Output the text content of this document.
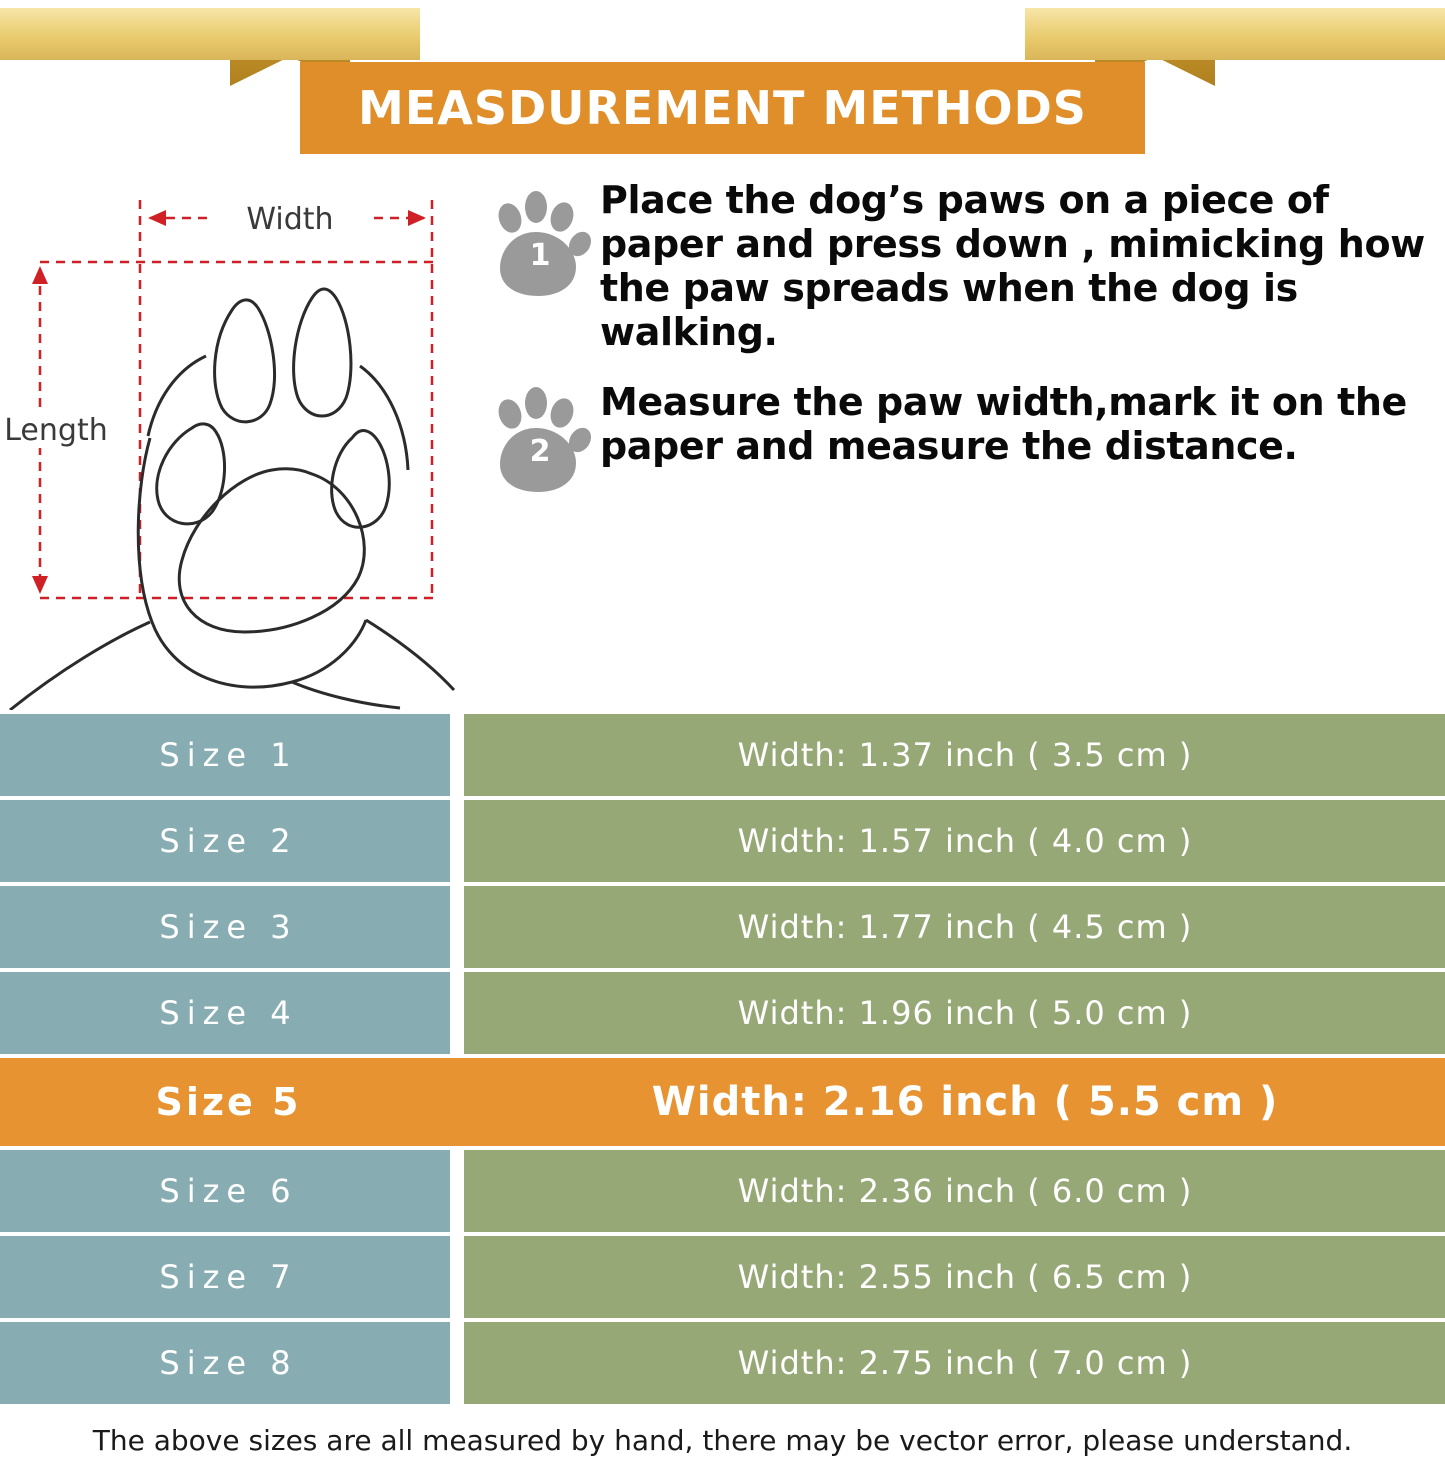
MEASDUREMENT METHODS
Width
Length
1
Place the dog’s paws on a piece of paper and press down , mimicking how the paw spreads when the dog is walking.
2
Measure the paw width,mark it on the paper and measure the distance.
Size 1		Width: 1.37 inch ( 3.5 cm )
Size 2		Width: 1.57 inch ( 4.0 cm )
Size 3		Width: 1.77 inch ( 4.5 cm )
Size 4		Width: 1.96 inch ( 5.0 cm )
Size 5		Width: 2.16 inch ( 5.5 cm )
Size 6		Width: 2.36 inch ( 6.0 cm )
Size 7		Width: 2.55 inch ( 6.5 cm )
Size 8		Width: 2.75 inch ( 7.0 cm )
The above sizes are all measured by hand, there may be vector error, please understand.
